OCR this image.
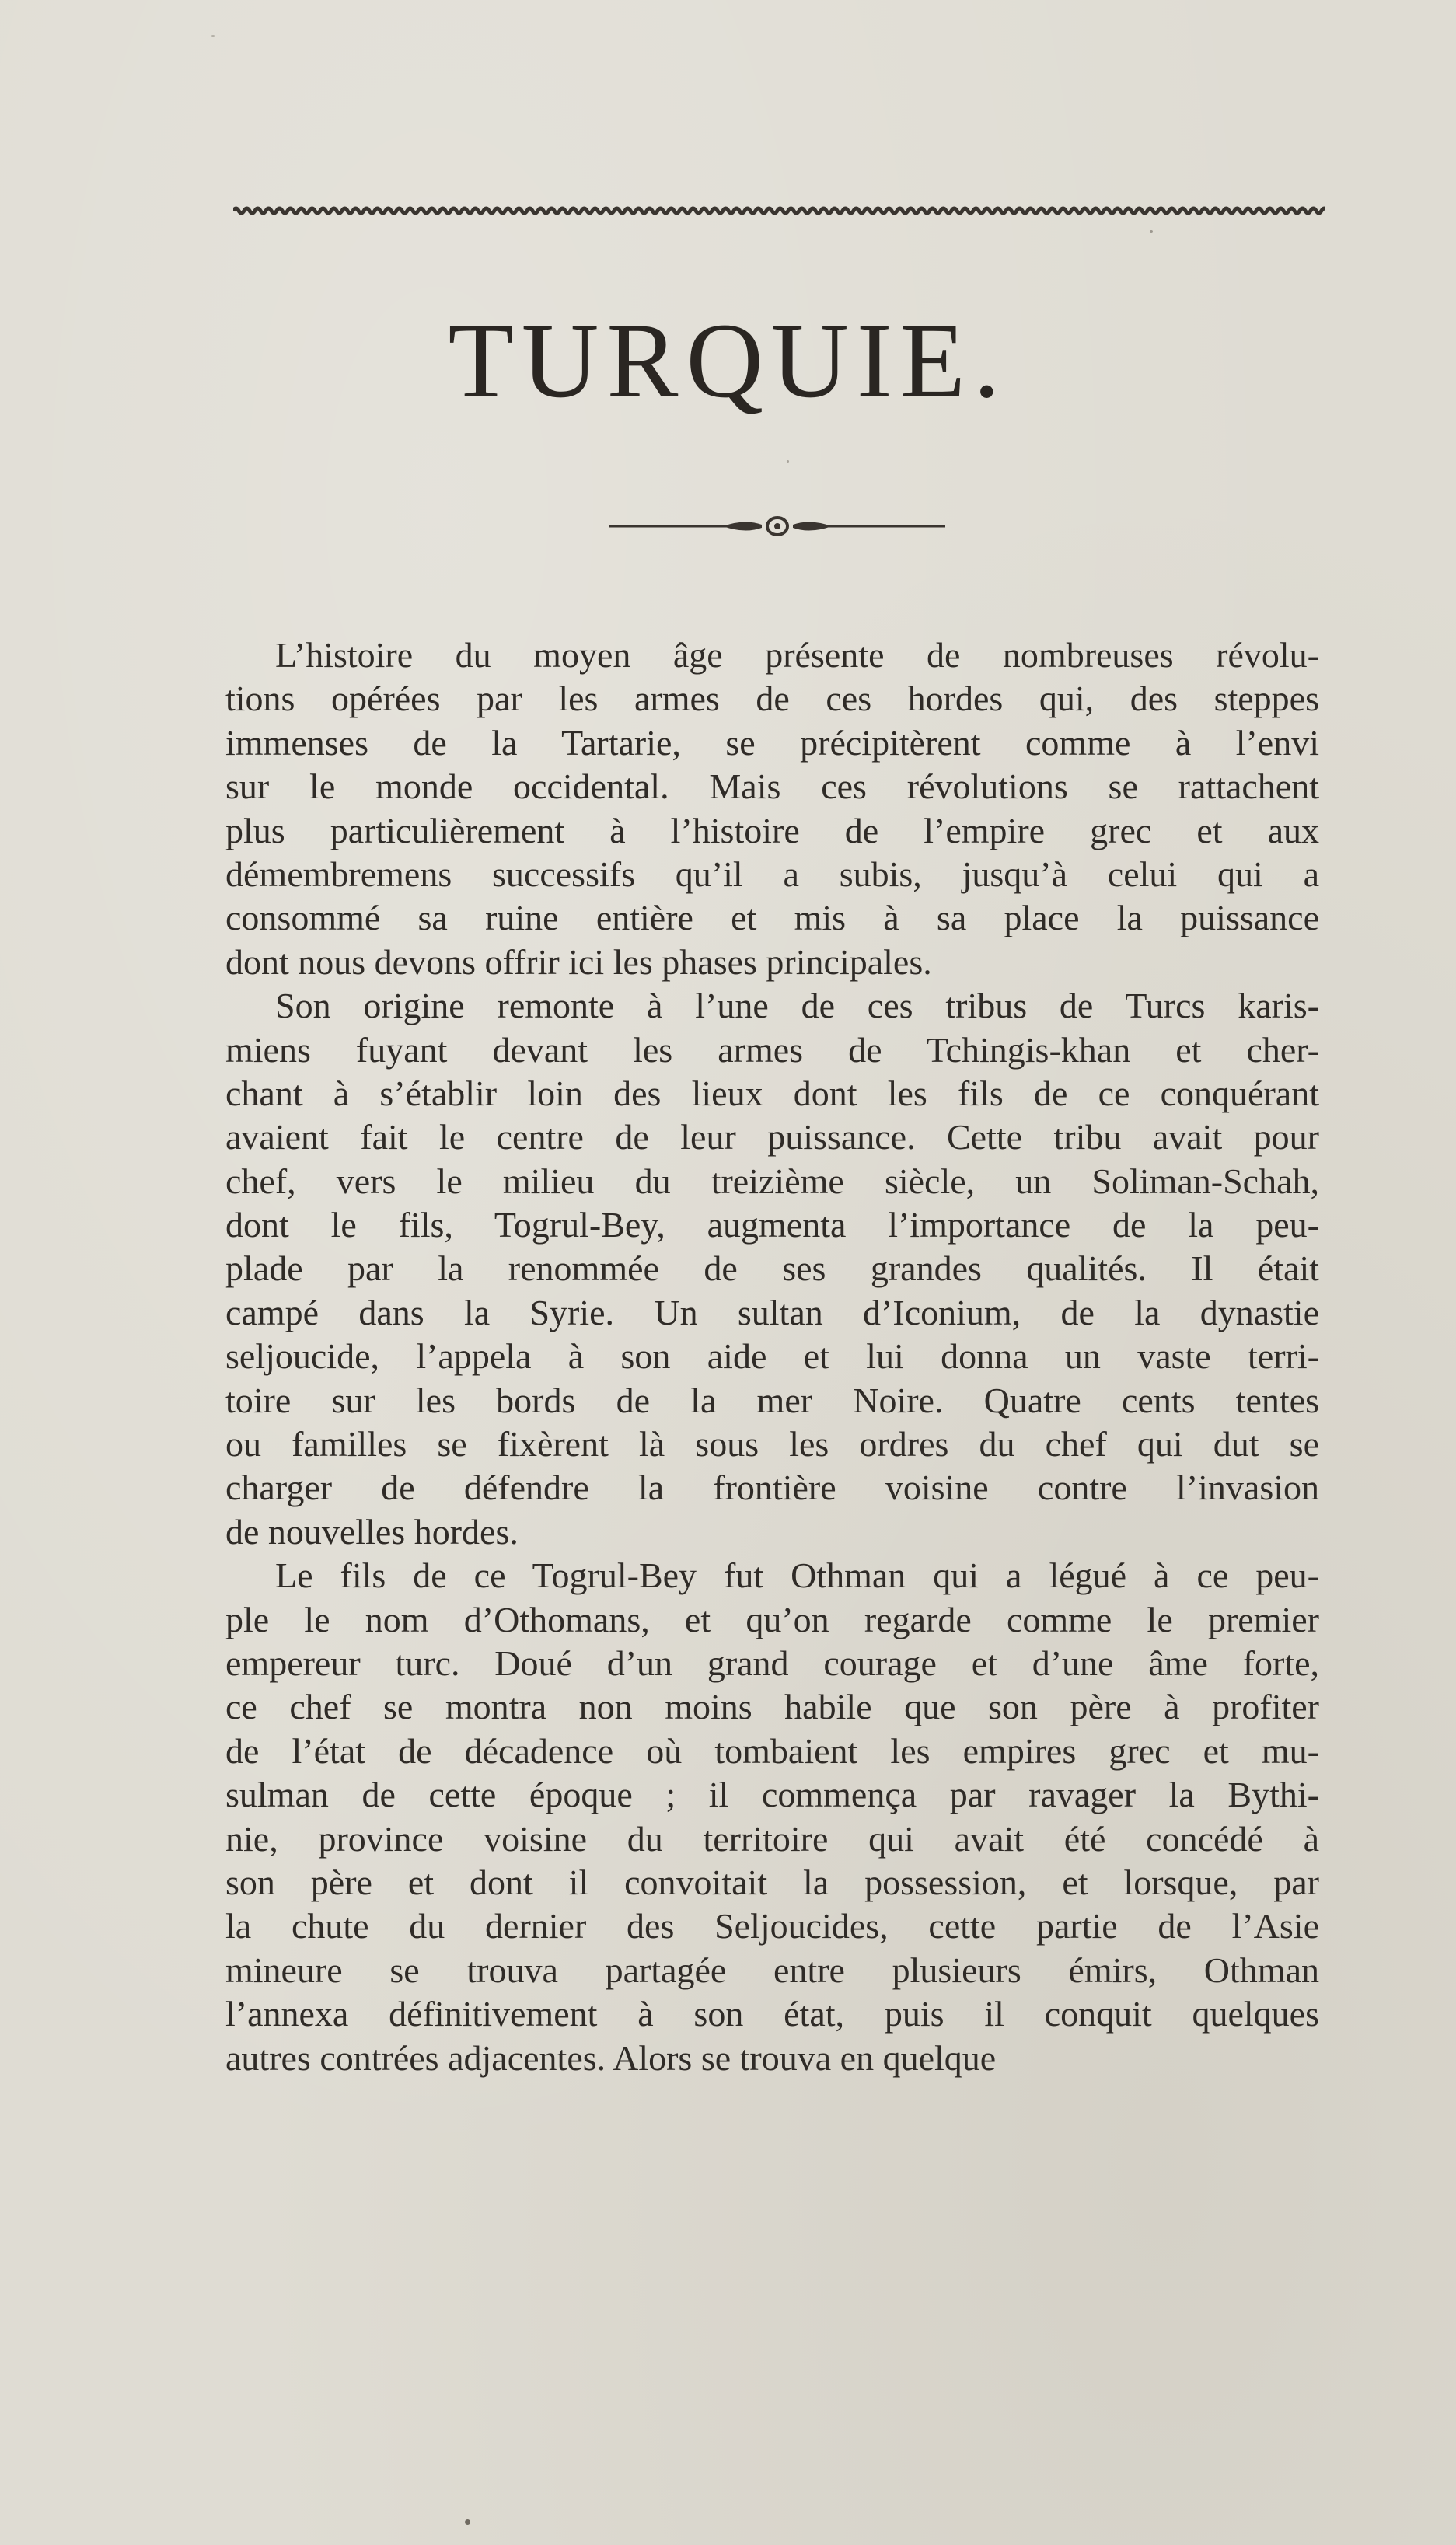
TURQUIE.
L’histoire du moyen âge présente de nombreuses révolu-
tions opérées par les armes de ces hordes qui, des steppes
immenses de la Tartarie, se précipitèrent comme à l’envi
sur le monde occidental. Mais ces révolutions se rattachent
plus particulièrement à l’histoire de l’empire grec et aux
démembremens successifs qu’il a subis, jusqu’à celui qui a
consommé sa ruine entière et mis à sa place la puissance
dont nous devons offrir ici les phases principales.
Son origine remonte à l’une de ces tribus de Turcs karis-
miens fuyant devant les armes de Tchingis-khan et cher-
chant à s’établir loin des lieux dont les fils de ce conquérant
avaient fait le centre de leur puissance. Cette tribu avait pour
chef, vers le milieu du treizième siècle, un Soliman-Schah,
dont le fils, Togrul-Bey, augmenta l’importance de la peu-
plade par la renommée de ses grandes qualités. Il était
campé dans la Syrie. Un sultan d’Iconium, de la dynastie
seljoucide, l’appela à son aide et lui donna un vaste terri-
toire sur les bords de la mer Noire. Quatre cents tentes
ou familles se fixèrent là sous les ordres du chef qui dut se
charger de défendre la frontière voisine contre l’invasion
de nouvelles hordes.
Le fils de ce Togrul-Bey fut Othman qui a légué à ce peu-
ple le nom d’Othomans, et qu’on regarde comme le premier
empereur turc. Doué d’un grand courage et d’une âme forte,
ce chef se montra non moins habile que son père à profiter
de l’état de décadence où tombaient les empires grec et mu-
sulman de cette époque ; il commença par ravager la Bythi-
nie, province voisine du territoire qui avait été concédé à
son père et dont il convoitait la possession, et lorsque, par
la chute du dernier des Seljoucides, cette partie de l’Asie
mineure se trouva partagée entre plusieurs émirs, Othman
l’annexa définitivement à son état, puis il conquit quelques
autres contrées adjacentes. Alors se trouva en quelque
